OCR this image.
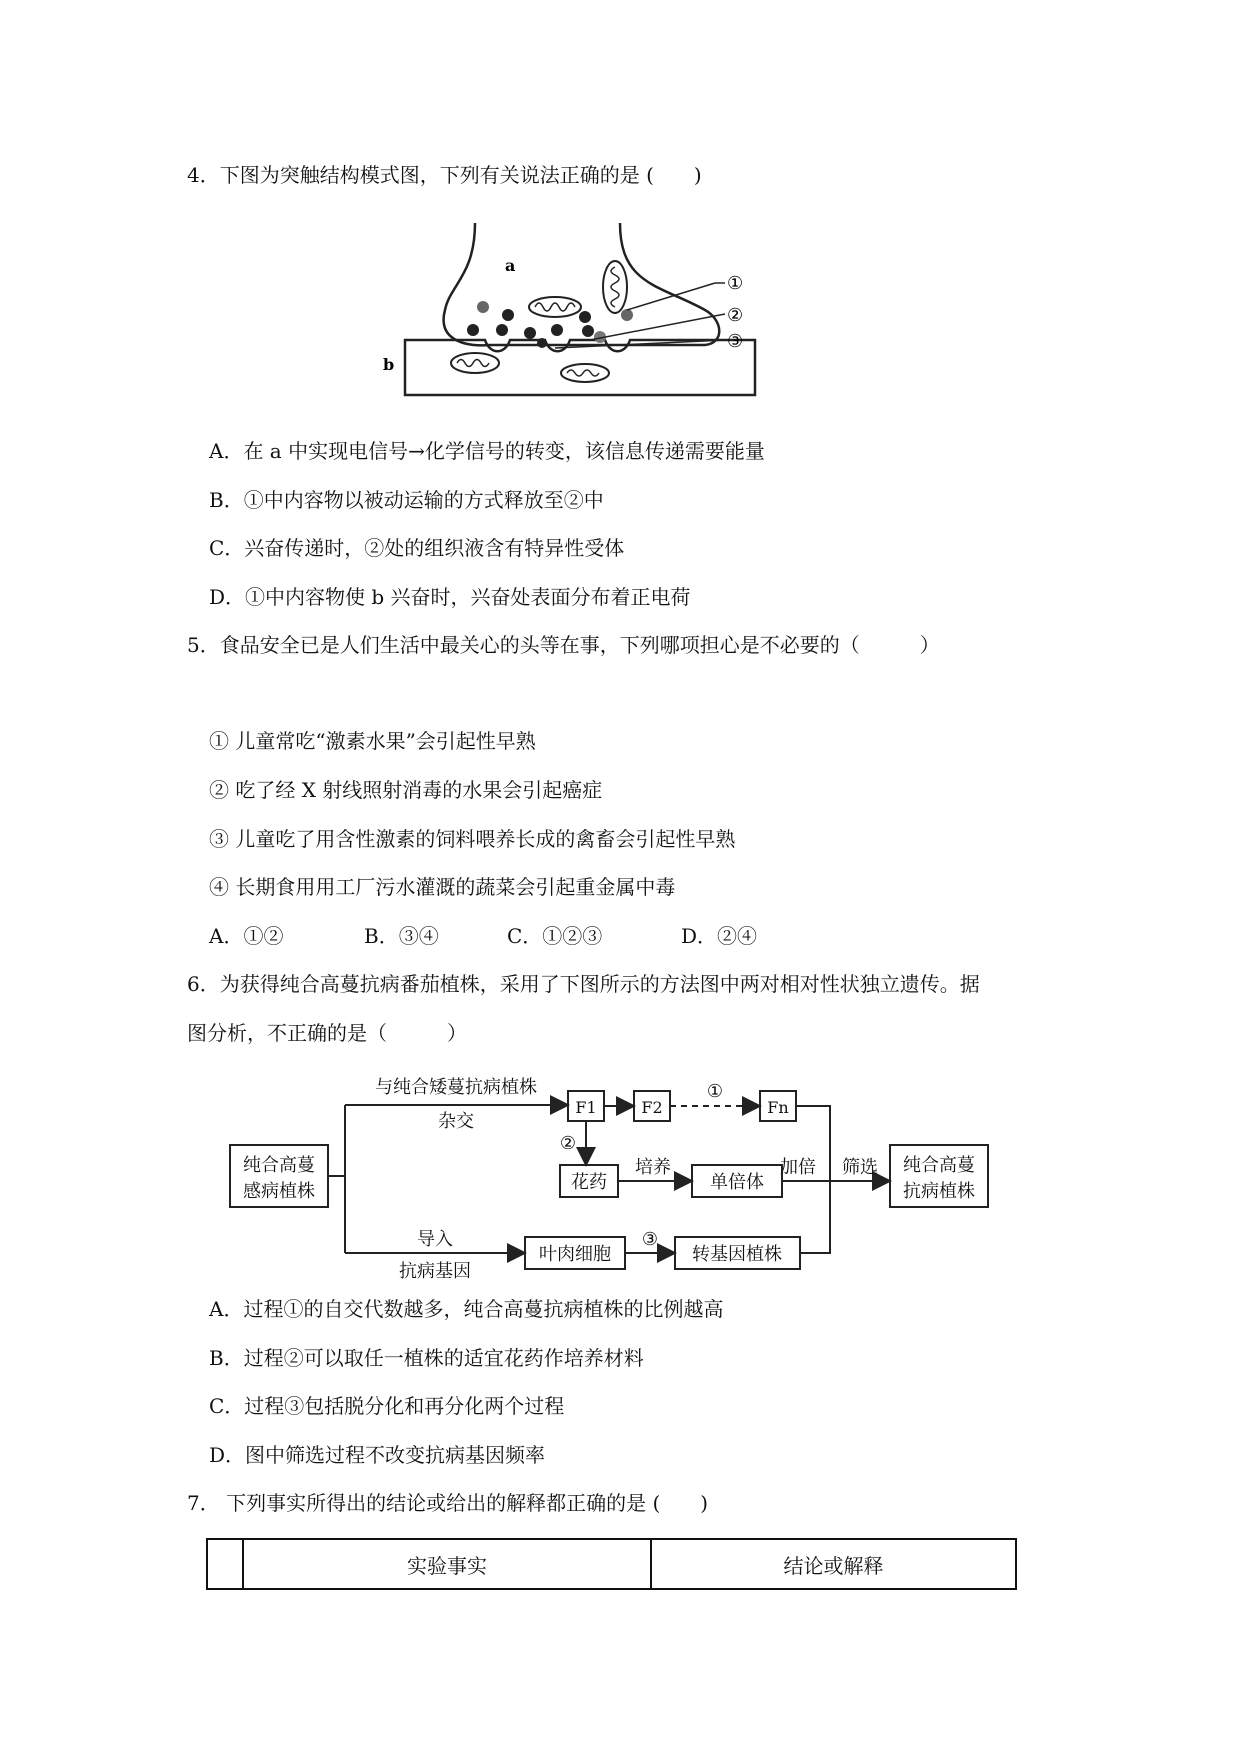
4．下图为突触结构模式图，下列有关说法正确的是 (　　)
a
b
①
②
③
A．在 a 中实现电信号→化学信号的转变，该信息传递需要能量
B．①中内容物以被动运输的方式释放至②中
C．兴奋传递时，②处的组织液含有特异性受体
D．①中内容物使 b 兴奋时，兴奋处表面分布着正电荷
5．食品安全已是人们生活中最关心的头等在事，下列哪项担心是不必要的（　　　）
① 儿童常吃“激素水果”会引起性早熟
② 吃了经 X 射线照射消毒的水果会引起癌症
③ 儿童吃了用含性激素的饲料喂养长成的禽畜会引起性早熟
④ 长期食用用工厂污水灌溉的蔬菜会引起重金属中毒
A．①②	B．③④	C．①②③	D．②④
6．为获得纯合高蔓抗病番茄植株，采用了下图所示的方法图中两对相对性状独立遗传。据
图分析，不正确的是（　　　）
纯合高蔓
感病植株
与纯合矮蔓抗病植株
杂交
F1	F2	Fn
①
②
花药
培养
单倍体
加倍 筛选 纯合高蔓
抗病植株
导入
抗病基因
叶肉细胞
③
转基因植株
A．过程①的自交代数越多，纯合高蔓抗病植株的比例越高
B．过程②可以取任一植株的适宜花药作培养材料
C．过程③包括脱分化和再分化两个过程
D．图中筛选过程不改变抗病基因频率
7． 下列事实所得出的结论或给出的解释都正确的是 (　　)
	实验事实	结论或解释
